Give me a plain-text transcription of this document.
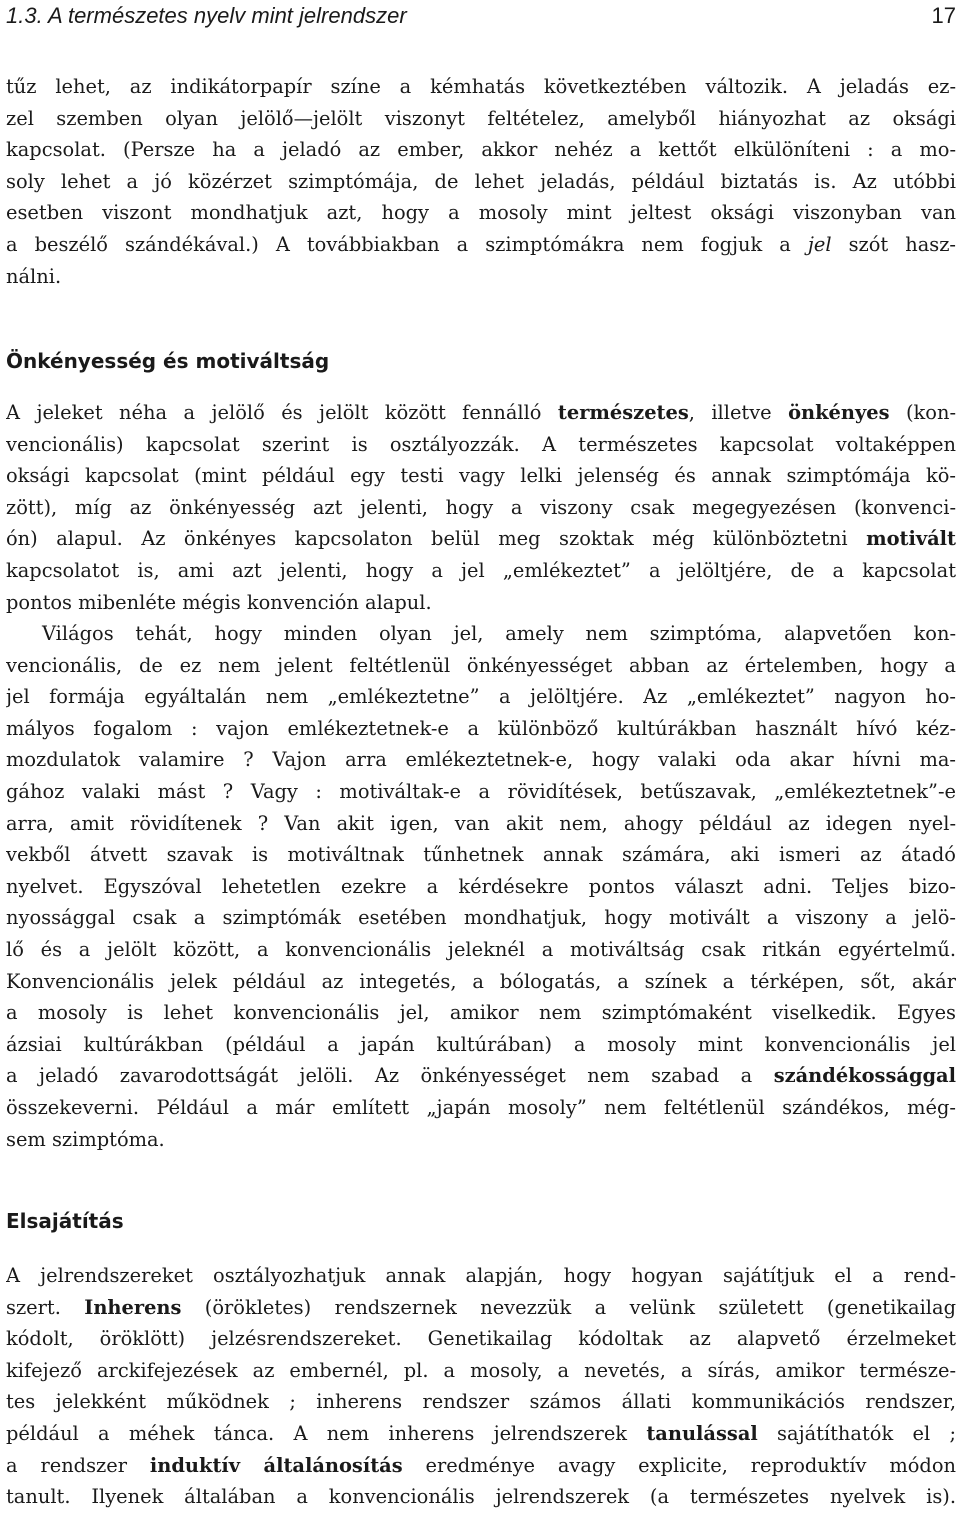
1.3. A természetes nyelv mint jelrendszer	17
tűz lehet, az indikátorpapír színe a kémhatás következtében változik. A jeladás ez-
zel szemben olyan jelölő—jelölt viszonyt feltételez, amelyből hiányozhat az oksági
kapcsolat. (Persze ha a jeladó az ember, akkor nehéz a kettőt elkülöníteni : a mo-
soly lehet a jó közérzet szimptómája, de lehet jeladás, például biztatás is. Az utóbbi
esetben viszont mondhatjuk azt, hogy a mosoly mint jeltest oksági viszonyban van
a beszélő szándékával.) A továbbiakban a szimptómákra nem fogjuk a jel szót hasz-
nálni.
Önkényesség és motiváltság
A jeleket néha a jelölő és jelölt között fennálló természetes, illetve önkényes (kon-
vencionális) kapcsolat szerint is osztályozzák. A természetes kapcsolat voltaképpen
oksági kapcsolat (mint például egy testi vagy lelki jelenség és annak szimptómája kö-
zött), míg az önkényesség azt jelenti, hogy a viszony csak megegyezésen (konvenci-
ón) alapul. Az önkényes kapcsolaton belül meg szoktak még különböztetni motivált
kapcsolatot is, ami azt jelenti, hogy a jel „emlékeztet” a jelöltjére, de a kapcsolat
pontos mibenléte mégis konvención alapul.
Világos tehát, hogy minden olyan jel, amely nem szimptóma, alapvetően kon-
vencionális, de ez nem jelent feltétlenül önkényességet abban az értelemben, hogy a
jel formája egyáltalán nem „emlékeztetne” a jelöltjére. Az „emlékeztet” nagyon ho-
mályos fogalom : vajon emlékeztetnek-e a különböző kultúrákban használt hívó kéz-
mozdulatok valamire ? Vajon arra emlékeztetnek-e, hogy valaki oda akar hívni ma-
gához valaki mást ? Vagy : motiváltak-e a rövidítések, betűszavak, „emlékeztetnek”-e
arra, amit rövidítenek ? Van akit igen, van akit nem, ahogy például az idegen nyel-
vekből átvett szavak is motiváltnak tűnhetnek annak számára, aki ismeri az átadó
nyelvet. Egyszóval lehetetlen ezekre a kérdésekre pontos választ adni. Teljes bizo-
nyossággal csak a szimptómák esetében mondhatjuk, hogy motivált a viszony a jelö-
lő és a jelölt között, a konvencionális jeleknél a motiváltság csak ritkán egyértelmű.
Konvencionális jelek például az integetés, a bólogatás, a színek a térképen, sőt, akár
a mosoly is lehet konvencionális jel, amikor nem szimptómaként viselkedik. Egyes
ázsiai kultúrákban (például a japán kultúrában) a mosoly mint konvencionális jel
a jeladó zavarodottságát jelöli. Az önkényességet nem szabad a szándékossággal
összekeverni. Például a már említett „japán mosoly” nem feltétlenül szándékos, még-
sem szimptóma.
Elsajátítás
A jelrendszereket osztályozhatjuk annak alapján, hogy hogyan sajátítjuk el a rend-
szert. Inherens (örökletes) rendszernek nevezzük a velünk született (genetikailag
kódolt, öröklött) jelzésrendszereket. Genetikailag kódoltak az alapvető érzelmeket
kifejező arckifejezések az embernél, pl. a mosoly, a nevetés, a sírás, amikor természe-
tes jelekként működnek ; inherens rendszer számos állati kommunikációs rendszer,
például a méhek tánca. A nem inherens jelrendszerek tanulással sajátíthatók el ;
a rendszer induktív általánosítás eredménye avagy explicite, reproduktív módon
tanult. Ilyenek általában a konvencionális jelrendszerek (a természetes nyelvek is).
